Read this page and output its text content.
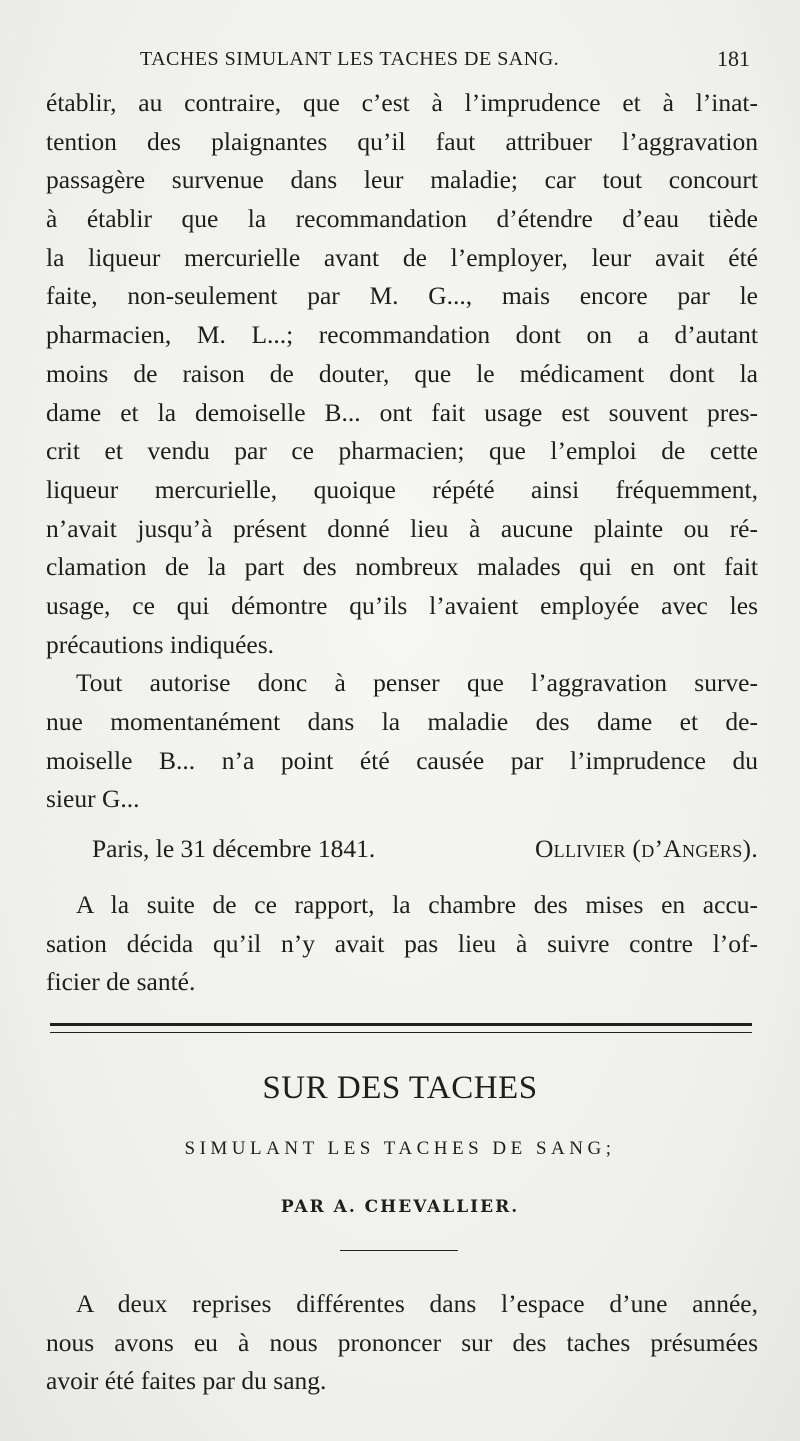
TACHES SIMULANT LES TACHES DE SANG.	181
établir, au contraire, que c’est à l’imprudence et à l’inat-
tention des plaignantes qu’il faut attribuer l’aggravation
passagère survenue dans leur maladie; car tout concourt
à établir que la recommandation d’étendre d’eau tiède
la liqueur mercurielle avant de l’employer, leur avait été
faite, non-seulement par M. G..., mais encore par le
pharmacien, M. L...; recommandation dont on a d’autant
moins de raison de douter, que le médicament dont la
dame et la demoiselle B... ont fait usage est souvent pres-
crit et vendu par ce pharmacien; que l’emploi de cette
liqueur mercurielle, quoique répété ainsi fréquemment,
n’avait jusqu’à présent donné lieu à aucune plainte ou ré-
clamation de la part des nombreux malades qui en ont fait
usage, ce qui démontre qu’ils l’avaient employée avec les
précautions indiquées.
Tout autorise donc à penser que l’aggravation surve-
nue momentanément dans la maladie des dame et de-
moiselle B... n’a point été causée par l’imprudence du
sieur G...
Paris, le 31 décembre 1841.	Ollivier (d’Angers).
A la suite de ce rapport, la chambre des mises en accu-
sation décida qu’il n’y avait pas lieu à suivre contre l’of-
ficier de santé.
SUR DES TACHES
SIMULANT LES TACHES DE SANG;
PAR A. CHEVALLIER.
A deux reprises différentes dans l’espace d’une année,
nous avons eu à nous prononcer sur des taches présumées
avoir été faites par du sang.
